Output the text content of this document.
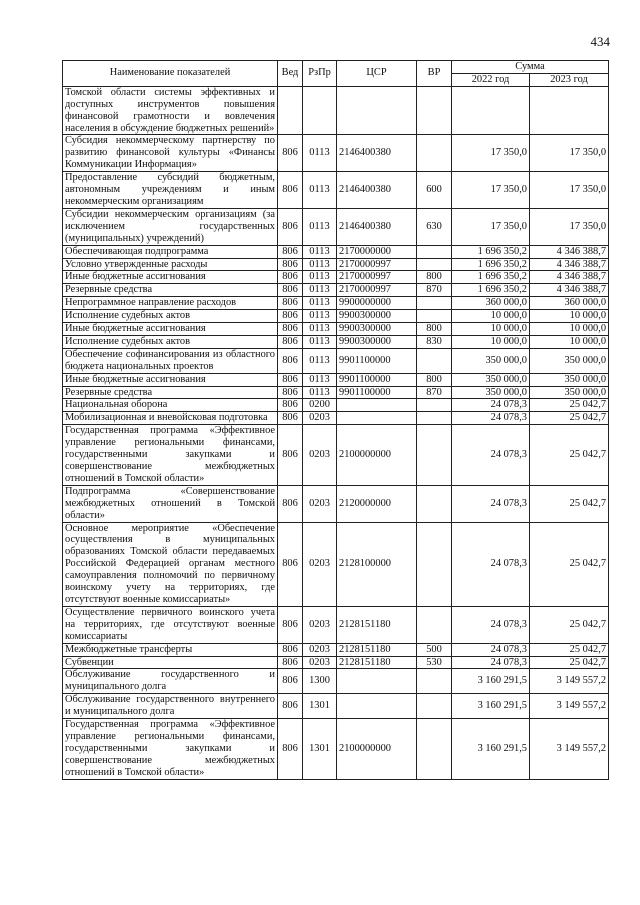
434
Наименование показателей	Вед	РзПр	ЦСР	ВР	Сумма	
					2022 год	2023 год
Томской области системы эффективных и доступных инструментов повышения финансовой грамотности и вовлечения населения в обсуждение бюджетных решений»						
Субсидия некоммерческому партнерству по развитию финансовой культуры «Финансы Коммуникации Информация»	806	0113	2146400380		17 350,0	17 350,0
Предоставление субсидий бюджетным, автономным учреждениям и иным некоммерческим организациям	806	0113	2146400380	600	17 350,0	17 350,0
Субсидии некоммерческим организациям (за исключением государственных (муниципальных) учреждений)	806	0113	2146400380	630	17 350,0	17 350,0
Обеспечивающая подпрограмма	806	0113	2170000000		1 696 350,2	4 346 388,7
Условно утвержденные расходы	806	0113	2170000997		1 696 350,2	4 346 388,7
Иные бюджетные ассигнования	806	0113	2170000997	800	1 696 350,2	4 346 388,7
Резервные средства	806	0113	2170000997	870	1 696 350,2	4 346 388,7
Непрограммное направление расходов	806	0113	9900000000		360 000,0	360 000,0
Исполнение судебных актов	806	0113	9900300000		10 000,0	10 000,0
Иные бюджетные ассигнования	806	0113	9900300000	800	10 000,0	10 000,0
Исполнение судебных актов	806	0113	9900300000	830	10 000,0	10 000,0
Обеспечение софинансирования из областного бюджета национальных проектов	806	0113	9901100000		350 000,0	350 000,0
Иные бюджетные ассигнования	806	0113	9901100000	800	350 000,0	350 000,0
Резервные средства	806	0113	9901100000	870	350 000,0	350 000,0
Национальная оборона	806	0200			24 078,3	25 042,7
Мобилизационная и вневойсковая подготовка	806	0203			24 078,3	25 042,7
Государственная программа «Эффективное управление региональными финансами, государственными закупками и совершенствование межбюджетных отношений в Томской области»	806	0203	2100000000		24 078,3	25 042,7
Подпрограмма «Совершенствование межбюджетных отношений в Томской области»	806	0203	2120000000		24 078,3	25 042,7
Основное мероприятие «Обеспечение осуществления в муниципальных образованиях Томской области передаваемых Российской Федерацией органам местного самоуправления полномочий по первичному воинскому учету на территориях, где отсутствуют военные комиссариаты»	806	0203	2128100000		24 078,3	25 042,7
Осуществление первичного воинского учета на территориях, где отсутствуют военные комиссариаты	806	0203	2128151180		24 078,3	25 042,7
Межбюджетные трансферты	806	0203	2128151180	500	24 078,3	25 042,7
Субвенции	806	0203	2128151180	530	24 078,3	25 042,7
Обслуживание государственного и муниципального долга	806	1300			3 160 291,5	3 149 557,2
Обслуживание государственного внутреннего и муниципального долга	806	1301			3 160 291,5	3 149 557,2
Государственная программа «Эффективное управление региональными финансами, государственными закупками и совершенствование межбюджетных отношений в Томской области»	806	1301	2100000000		3 160 291,5	3 149 557,2
